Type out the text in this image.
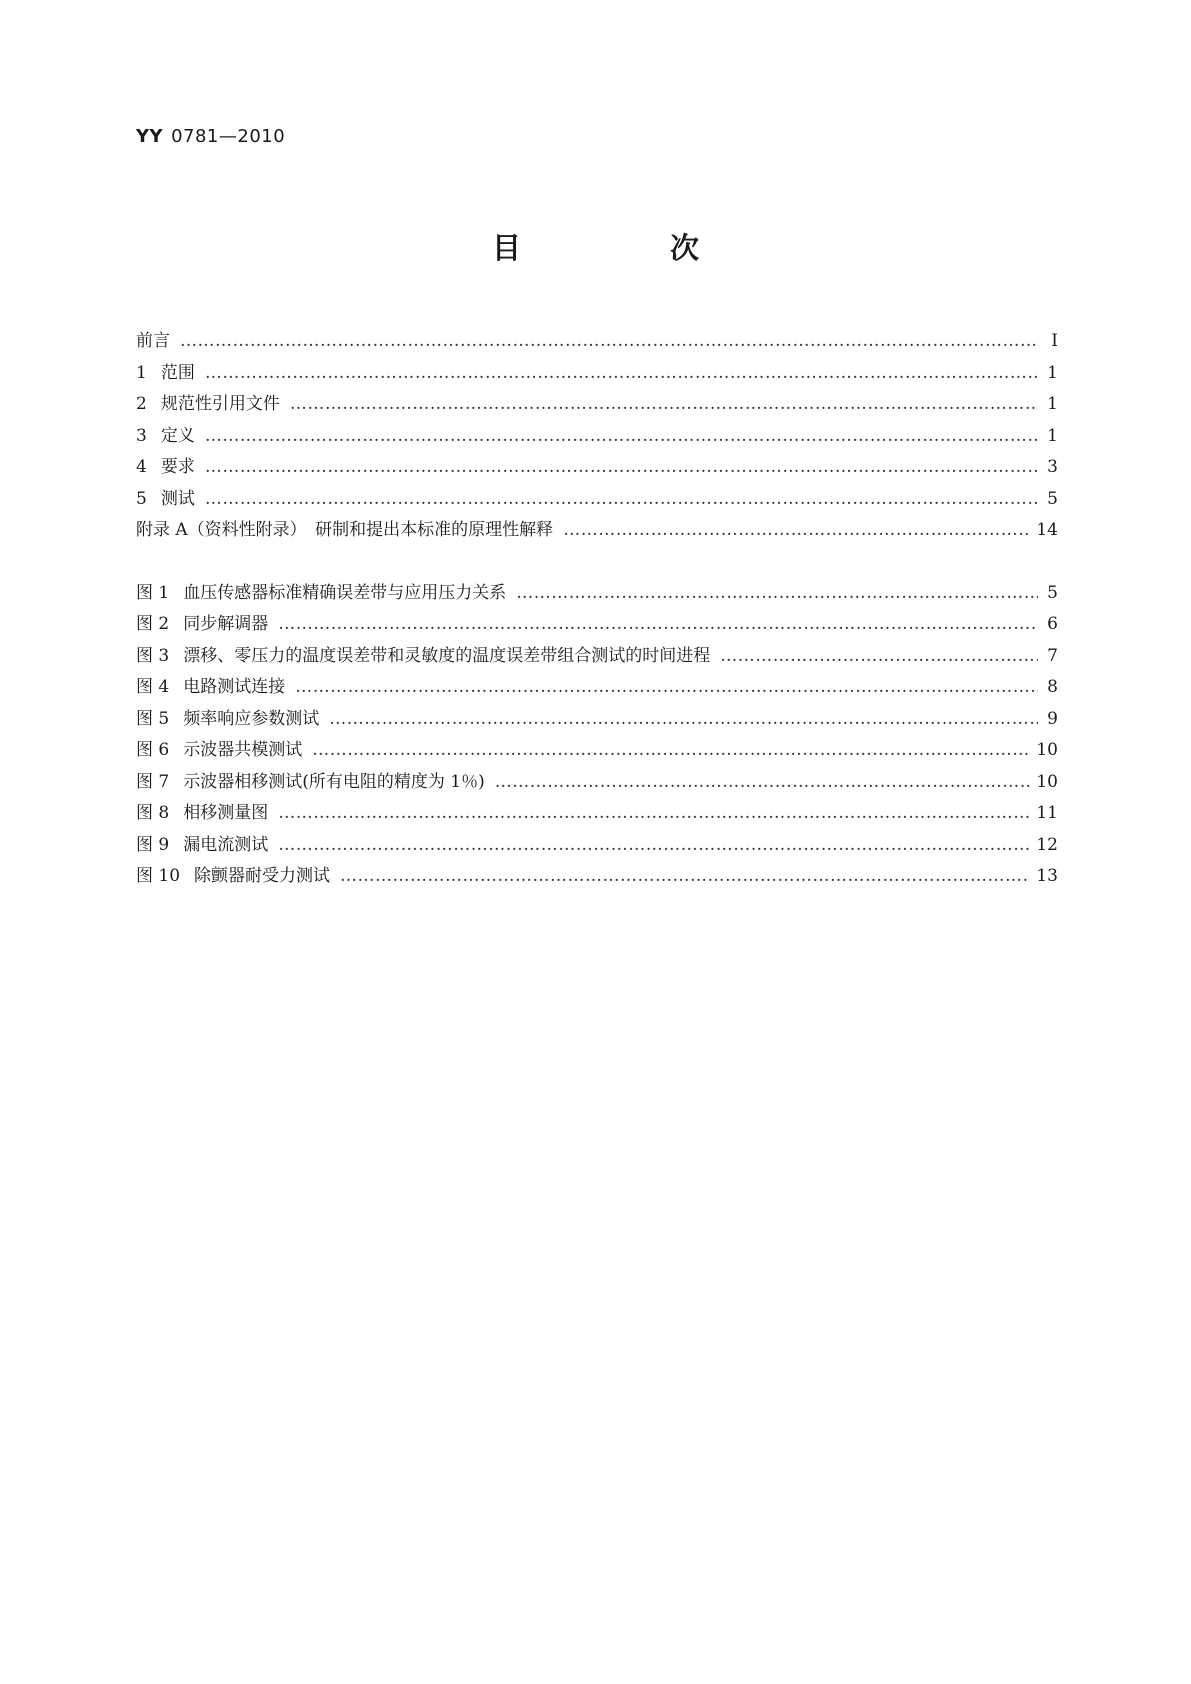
YY 0781—2010
目　次
前言 …………………………………………………………………………………………………………………………………………………………………………………………	Ⅰ
1 范围 …………………………………………………………………………………………………………………………………………………………………………………………	1
2 规范性引用文件 …………………………………………………………………………………………………………………………………………………………………………………………	1
3 定义 …………………………………………………………………………………………………………………………………………………………………………………………	1
4 要求 …………………………………………………………………………………………………………………………………………………………………………………………	3
5 测试 …………………………………………………………………………………………………………………………………………………………………………………………	5
附录 A（资料性附录）　研制和提出本标准的原理性解释 …………………………………………………………………………………………………………………………………………………………………………………………	14
图 1 血压传感器标准精确误差带与应用压力关系 …………………………………………………………………………………………………………………………………………………………………………………………	5
图 2 同步解调器 …………………………………………………………………………………………………………………………………………………………………………………………	6
图 3 漂移、零压力的温度误差带和灵敏度的温度误差带组合测试的时间进程 …………………………………………………………………………………………………………………………………………………………………………………………	7
图 4 电路测试连接 …………………………………………………………………………………………………………………………………………………………………………………………	8
图 5 频率响应参数测试 …………………………………………………………………………………………………………………………………………………………………………………………	9
图 6 示波器共模测试 …………………………………………………………………………………………………………………………………………………………………………………………	10
图 7 示波器相移测试(所有电阻的精度为 1％) …………………………………………………………………………………………………………………………………………………………………………………………	10
图 8 相移测量图 …………………………………………………………………………………………………………………………………………………………………………………………	11
图 9 漏电流测试 …………………………………………………………………………………………………………………………………………………………………………………………	12
图 10 除颤器耐受力测试 …………………………………………………………………………………………………………………………………………………………………………………………	13
